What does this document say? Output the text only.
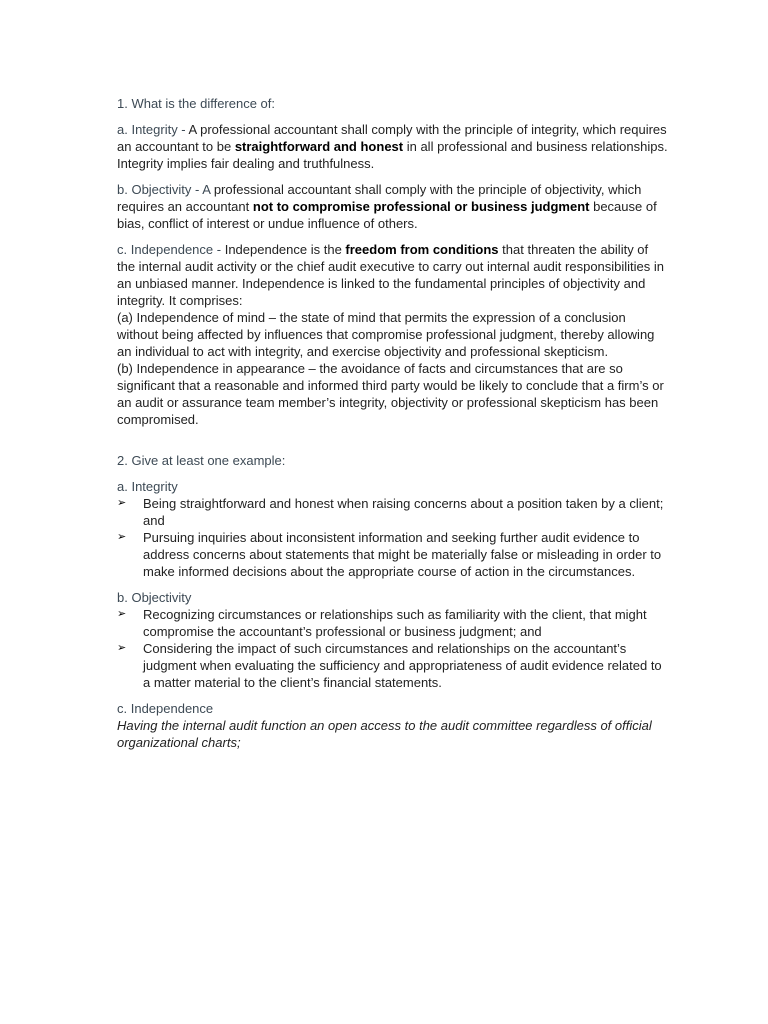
1. What is the difference of:

a. Integrity - A professional accountant shall comply with the principle of integrity, which requires an accountant to be straightforward and honest in all professional and business relationships. Integrity implies fair dealing and truthfulness.

b. Objectivity - A professional accountant shall comply with the principle of objectivity, which requires an accountant not to compromise professional or business judgment because of bias, conflict of interest or undue influence of others.

c. Independence - Independence is the freedom from conditions that threaten the ability of the internal audit activity or the chief audit executive to carry out internal audit responsibilities in an unbiased manner. Independence is linked to the fundamental principles of objectivity and integrity. It comprises:

(a) Independence of mind – the state of mind that permits the expression of a conclusion without being affected by influences that compromise professional judgment, thereby allowing an individual to act with integrity, and exercise objectivity and professional skepticism.

(b) Independence in appearance – the avoidance of facts and circumstances that are so significant that a reasonable and informed third party would be likely to conclude that a firm’s or an audit or assurance team member’s integrity, objectivity or professional skepticism has been compromised.

2. Give at least one example:

a. Integrity

➢ Being straightforward and honest when raising concerns about a position taken by a client; and
➢ Pursuing inquiries about inconsistent information and seeking further audit evidence to address concerns about statements that might be materially false or misleading in order to make informed decisions about the appropriate course of action in the circumstances.

b. Objectivity

➢ Recognizing circumstances or relationships such as familiarity with the client, that might compromise the accountant’s professional or business judgment; and
➢ Considering the impact of such circumstances and relationships on the accountant’s judgment when evaluating the sufficiency and appropriateness of audit evidence related to a matter material to the client’s financial statements.

c. Independence

Having the internal audit function an open access to the audit committee regardless of official organizational charts;
